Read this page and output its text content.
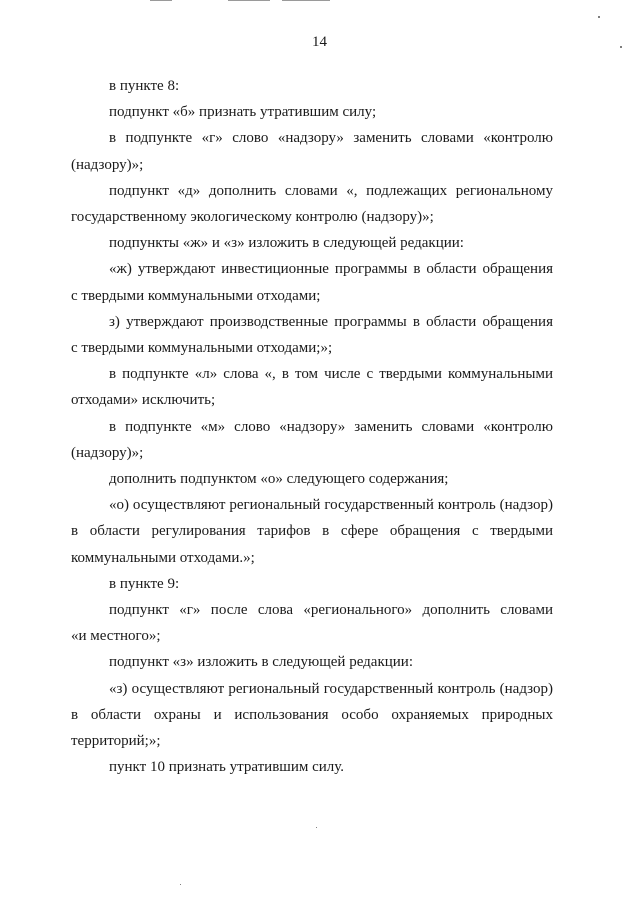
14

в пункте 8:

подпункт «б» признать утратившим силу;

в подпункте «г» слово «надзору» заменить словами «контролю
(надзору)»;

подпункт «д» дополнить словами «, подлежащих региональному
государственному экологическому контролю (надзору)»;

подпункты «ж» и «з» изложить в следующей редакции:

«ж) утверждают инвестиционные программы в области обращения
с твердыми коммунальными отходами;

з) утверждают производственные программы в области обращения
с твердыми коммунальными отходами;»;

в подпункте «л» слова «, в том числе с твердыми коммунальными
отходами» исключить;

в подпункте «м» слово «надзору» заменить словами «контролю
(надзору)»;

дополнить подпунктом «о» следующего содержания;

«о) осуществляют региональный государственный контроль (надзор)
в области регулирования тарифов в сфере обращения с твердыми
коммунальными отходами.»;

в пункте 9:

подпункт «г» после слова «регионального» дополнить словами
«и местного»;

подпункт «з» изложить в следующей редакции:

«з) осуществляют региональный государственный контроль (надзор)
в области охраны и использования особо охраняемых природных
территорий;»;

пункт 10 признать утратившим силу.
